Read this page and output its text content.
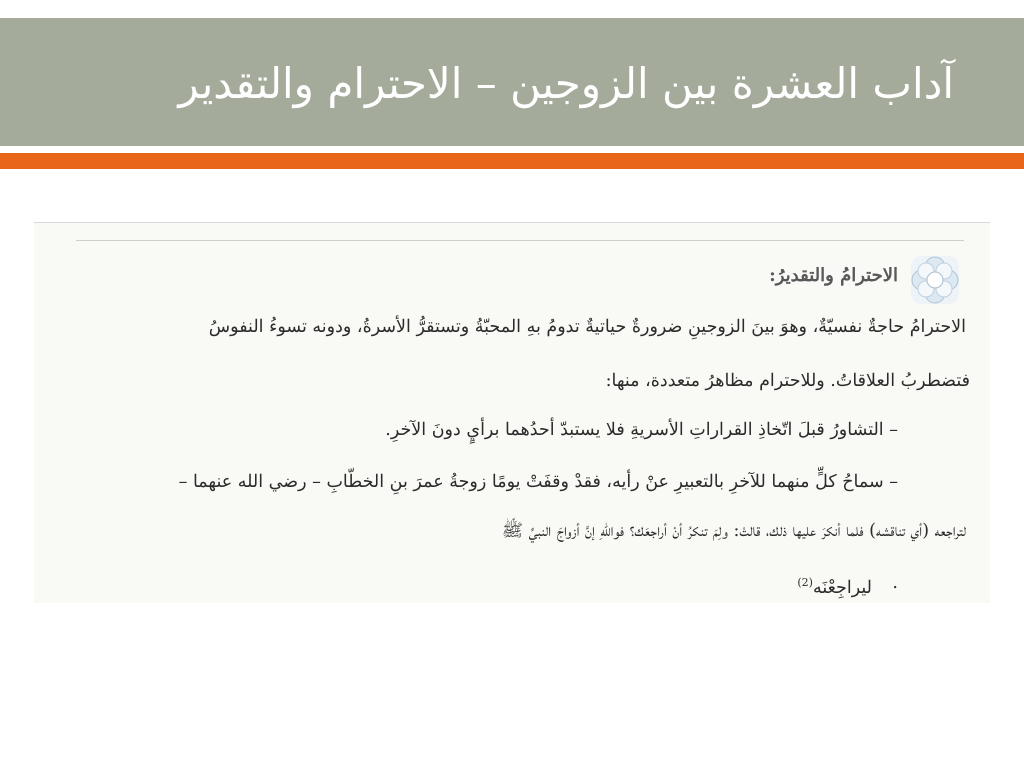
آداب العشرة بين الزوجين – الاحترام والتقدير
الاحترامُ والتقديرُ:
الاحترامُ حاجةٌ نفسيّةٌ، وهوَ بينَ الزوجينِ ضرورةٌ حياتيةٌ تدومُ بهِ المحبّةُ وتستقرُّ الأسرةُ، ودونه تسوءُ النفوسُ
فتضطربُ العلاقاتُ. وللاحترام مظاهرُ متعددة، منها:
– التشاورُ قبلَ اتّخاذِ القراراتِ الأسريةِ فلا يستبدّ أحدُهما برأيٍ دونَ الآخرِ.
– سماحُ كلٍّ منهما للآخرِ بالتعبيرِ عنْ رأيه، فقدْ وقفَتْ يومًا زوجةُ عمرَ بنِ الخطّابِ – رضي الله عنهما –
لتراجعه (أي تناقشه) فلما أنكرَ عليها ذلك، قالتْ: ولِمَ تنكرُ أنْ أراجعَك؟ فواللهِ إنَّ أزواجَ النبيِّ ﷺ
ليراجِعْنَه$^{(2)}$	.
